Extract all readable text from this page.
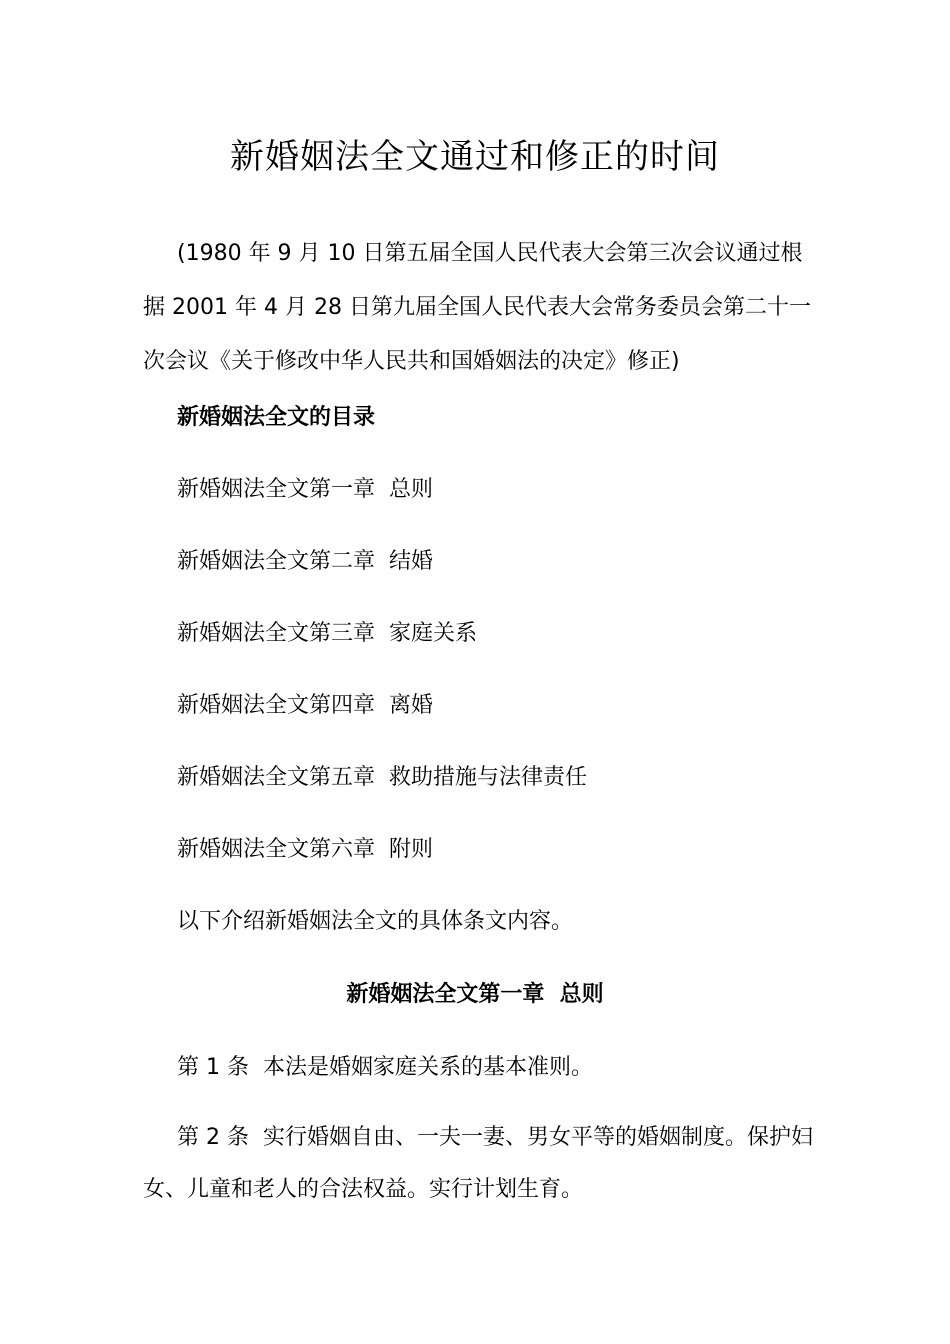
新婚姻法全文通过和修正的时间

(1980 年 9 月 10 日第五届全国人民代表大会第三次会议通过根据 2001 年 4 月 28 日第九届全国人民代表大会常务委员会第二十一次会议《关于修改中华人民共和国婚姻法的决定》修正)

新婚姻法全文的目录

新婚姻法全文第一章  总则

新婚姻法全文第二章  结婚

新婚姻法全文第三章  家庭关系

新婚姻法全文第四章  离婚

新婚姻法全文第五章  救助措施与法律责任

新婚姻法全文第六章  附则

以下介绍新婚姻法全文的具体条文内容。

新婚姻法全文第一章  总则

第 1 条  本法是婚姻家庭关系的基本准则。

第 2 条  实行婚姻自由、一夫一妻、男女平等的婚姻制度。保护妇女、儿童和老人的合法权益。实行计划生育。
